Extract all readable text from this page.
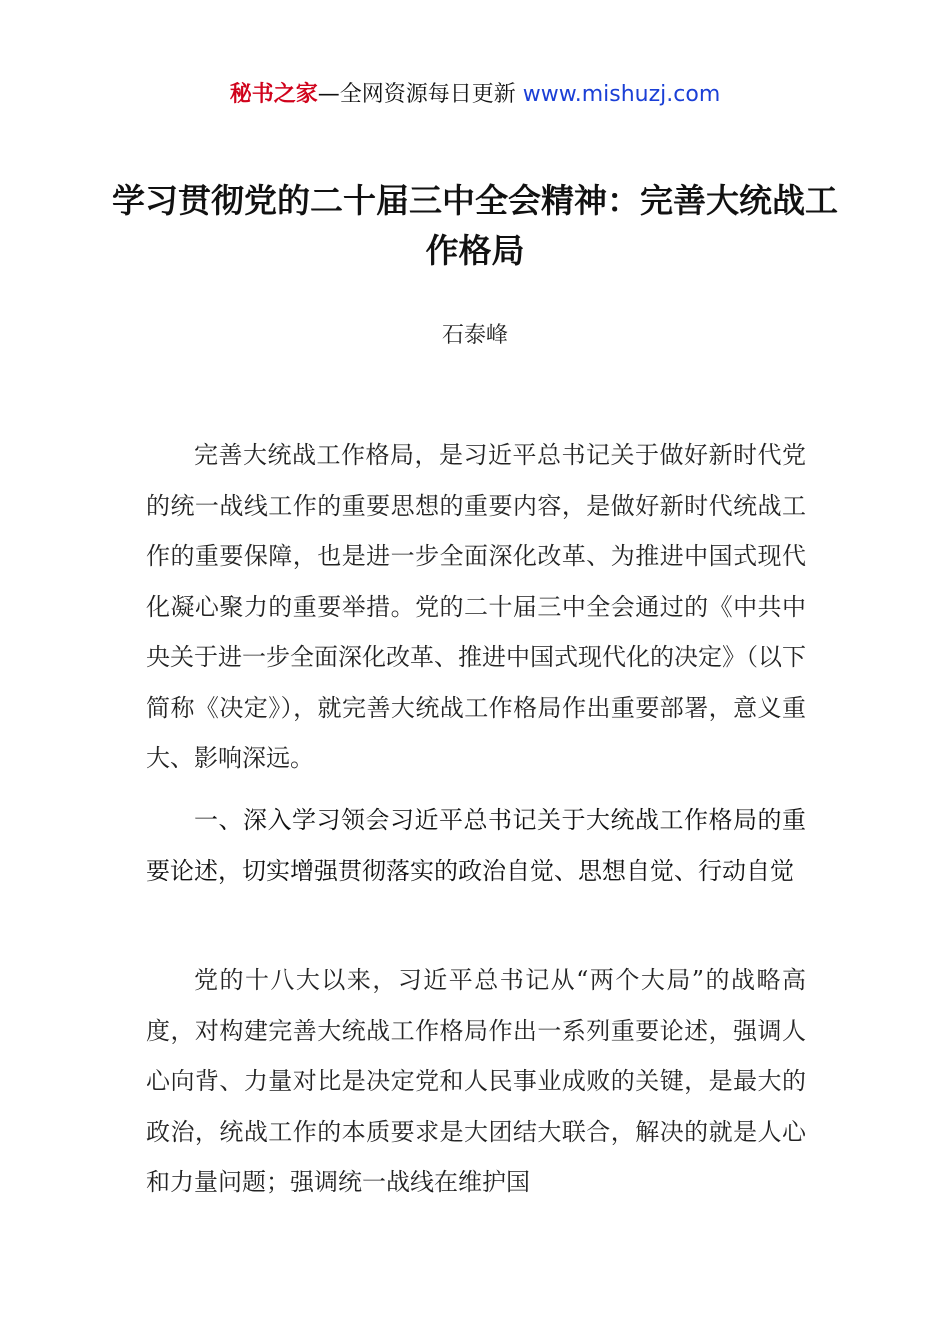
秘书之家—全网资源每日更新 www.mishuzj.com
学习贯彻党的二十届三中全会精神：完善大统战工作格局
石泰峰
完善大统战工作格局，是习近平总书记关于做好新时代党的统一战线工作的重要思想的重要内容，是做好新时代统战工作的重要保障，也是进一步全面深化改革、为推进中国式现代化凝心聚力的重要举措。党的二十届三中全会通过的《中共中央关于进一步全面深化改革、推进中国式现代化的决定》（以下简称《决定》），就完善大统战工作格局作出重要部署，意义重大、影响深远。
一、深入学习领会习近平总书记关于大统战工作格局的重要论述，切实增强贯彻落实的政治自觉、思想自觉、行动自觉
党的十八大以来，习近平总书记从“两个大局”的战略高度，对构建完善大统战工作格局作出一系列重要论述，强调人心向背、力量对比是决定党和人民事业成败的关键，是最大的政治，统战工作的本质要求是大团结大联合，解决的就是人心和力量问题；强调统一战线在维护国
